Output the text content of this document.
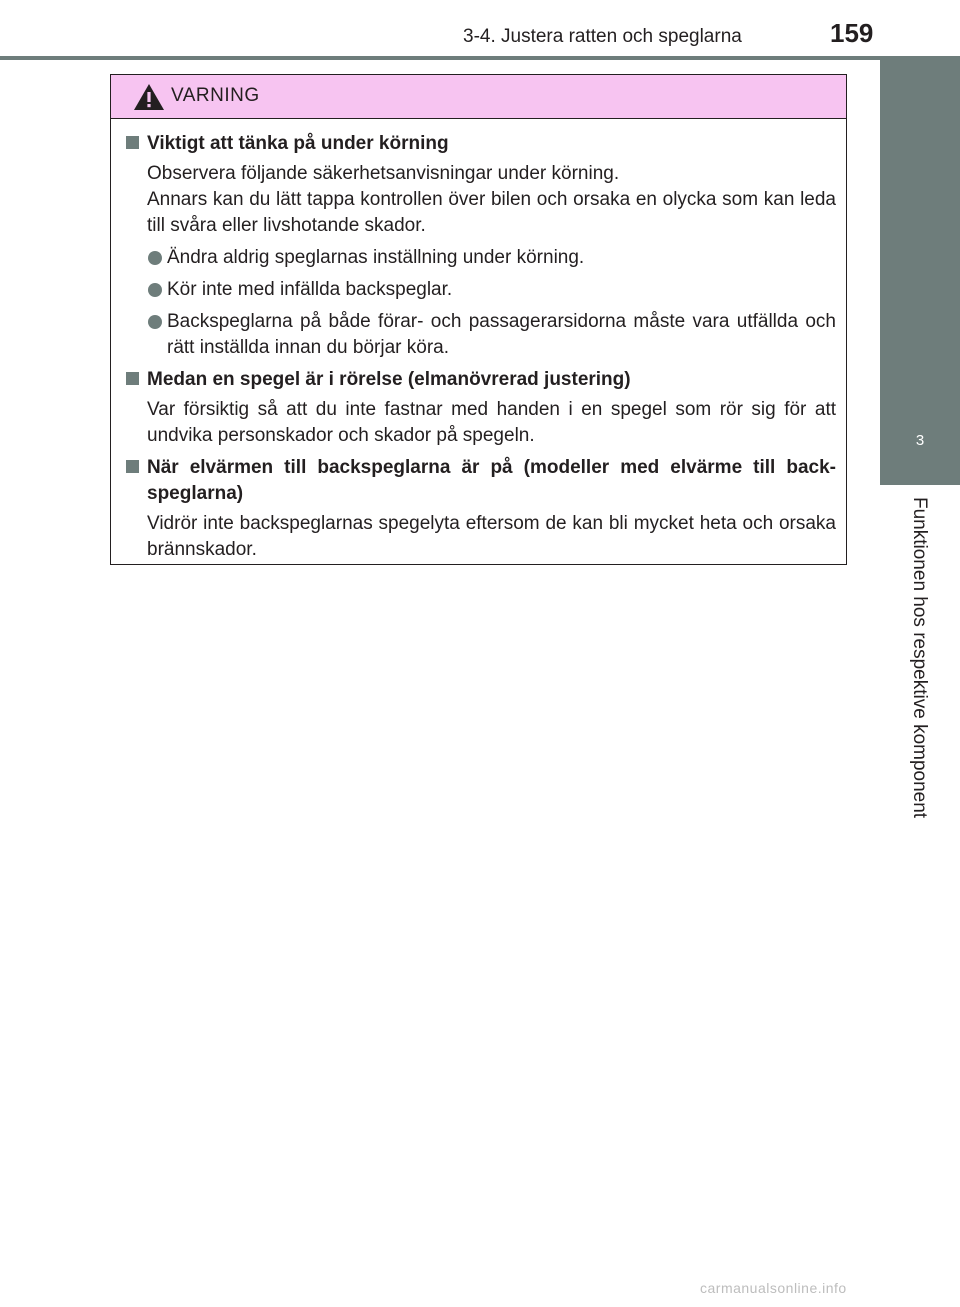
3-4. Justera ratten och speglarna	159
3
Funktionen hos respektive komponent
VARNING
Viktigt att tänka på under körning
Observera följande säkerhetsanvisningar under körning.
Annars kan du lätt tappa kontrollen över bilen och orsaka en olycka som kan leda till svåra eller livshotande skador.
Ändra aldrig speglarnas inställning under körning.
Kör inte med infällda backspeglar.
Backspeglarna på både förar- och passagerarsidorna måste vara utfällda och rätt inställda innan du börjar köra.
Medan en spegel är i rörelse (elmanövrerad justering)
Var försiktig så att du inte fastnar med handen i en spegel som rör sig för att undvika personskador och skador på spegeln.
När elvärmen till backspeglarna är på (modeller med elvärme till back-speglarna)
Vidrör inte backspeglarnas spegelyta eftersom de kan bli mycket heta och orsaka brännskador.
carmanualsonline.info
